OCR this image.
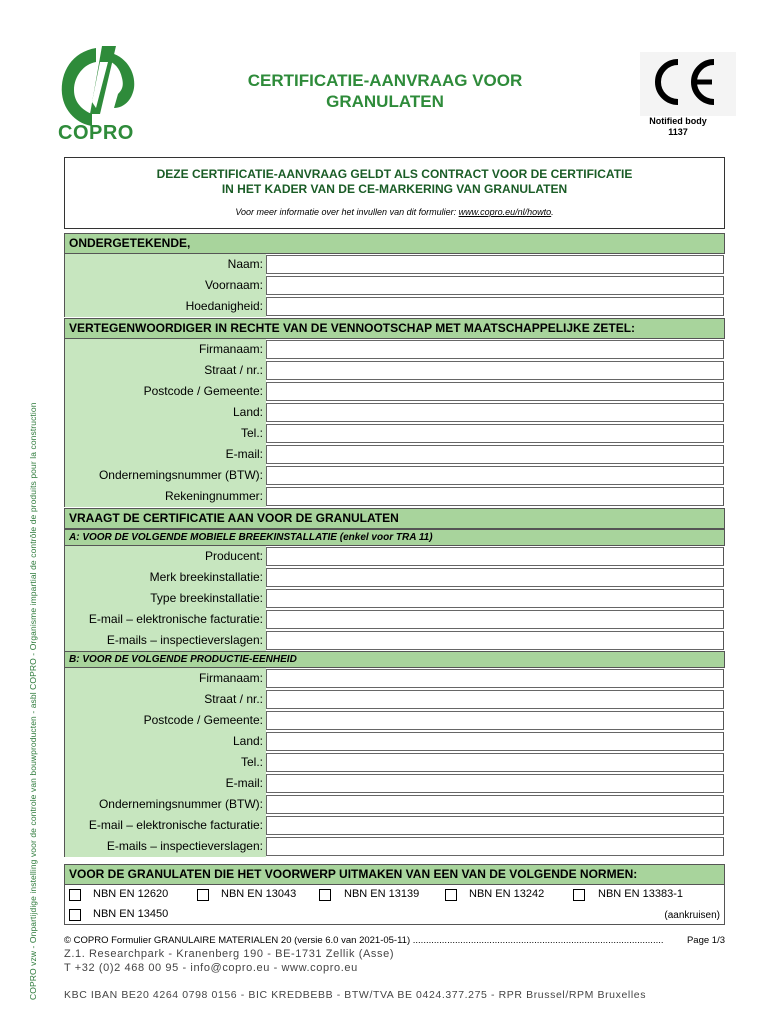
COPRO vzw - Onpartijdige instelling voor de controle van bouwproducten - asbl COPRO - Organisme impartial de contrôle de produits pour la construction
COPRO
CERTIFICATIE-AANVRAAG VOOR
GRANULATEN
Notified body
1137
DEZE CERTIFICATIE-AANVRAAG GELDT ALS CONTRACT VOOR DE CERTIFICATIE
IN HET KADER VAN DE CE-MARKERING VAN GRANULATEN
Voor meer informatie over het invullen van dit formulier: www.copro.eu/nl/howto.
ONDERGETEKENDE,
Naam:
Voornaam:
Hoedanigheid:
VERTEGENWOORDIGER IN RECHTE VAN DE VENNOOTSCHAP MET MAATSCHAPPELIJKE ZETEL:
Firmanaam:
Straat / nr.:
Postcode / Gemeente:
Land:
Tel.:
E-mail:
Ondernemingsnummer (BTW):
Rekeningnummer:
VRAAGT DE CERTIFICATIE AAN VOOR DE GRANULATEN
A: VOOR DE VOLGENDE MOBIELE BREEKINSTALLATIE (enkel voor TRA 11)
Producent:
Merk breekinstallatie:
Type breekinstallatie:
E-mail – elektronische facturatie:
E-mails – inspectieverslagen:
B: VOOR DE VOLGENDE PRODUCTIE-EENHEID
Firmanaam:
Straat / nr.:
Postcode / Gemeente:
Land:
Tel.:
E-mail:
Ondernemingsnummer (BTW):
E-mail – elektronische facturatie:
E-mails – inspectieverslagen:
VOOR DE GRANULATEN DIE HET VOORWERP UITMAKEN VAN EEN VAN DE VOLGENDE NORMEN:
NBN EN 12620	NBN EN 13043	NBN EN 13139	NBN EN 13242	NBN EN 13383-1
NBN EN 13450	(aankruisen)
© COPRO Formulier GRANULAIRE MATERIALEN 20 (versie 6.0 van 2021-05-11) ............................................................................................... Page 1/3
Z.1. Researchpark - Kranenberg 190 - BE-1731 Zellik (Asse)
T +32 (0)2 468 00 95 - info@copro.eu - www.copro.eu
KBC IBAN BE20 4264 0798 0156 - BIC KREDBEBB - BTW/TVA BE 0424.377.275 - RPR Brussel/RPM Bruxelles
